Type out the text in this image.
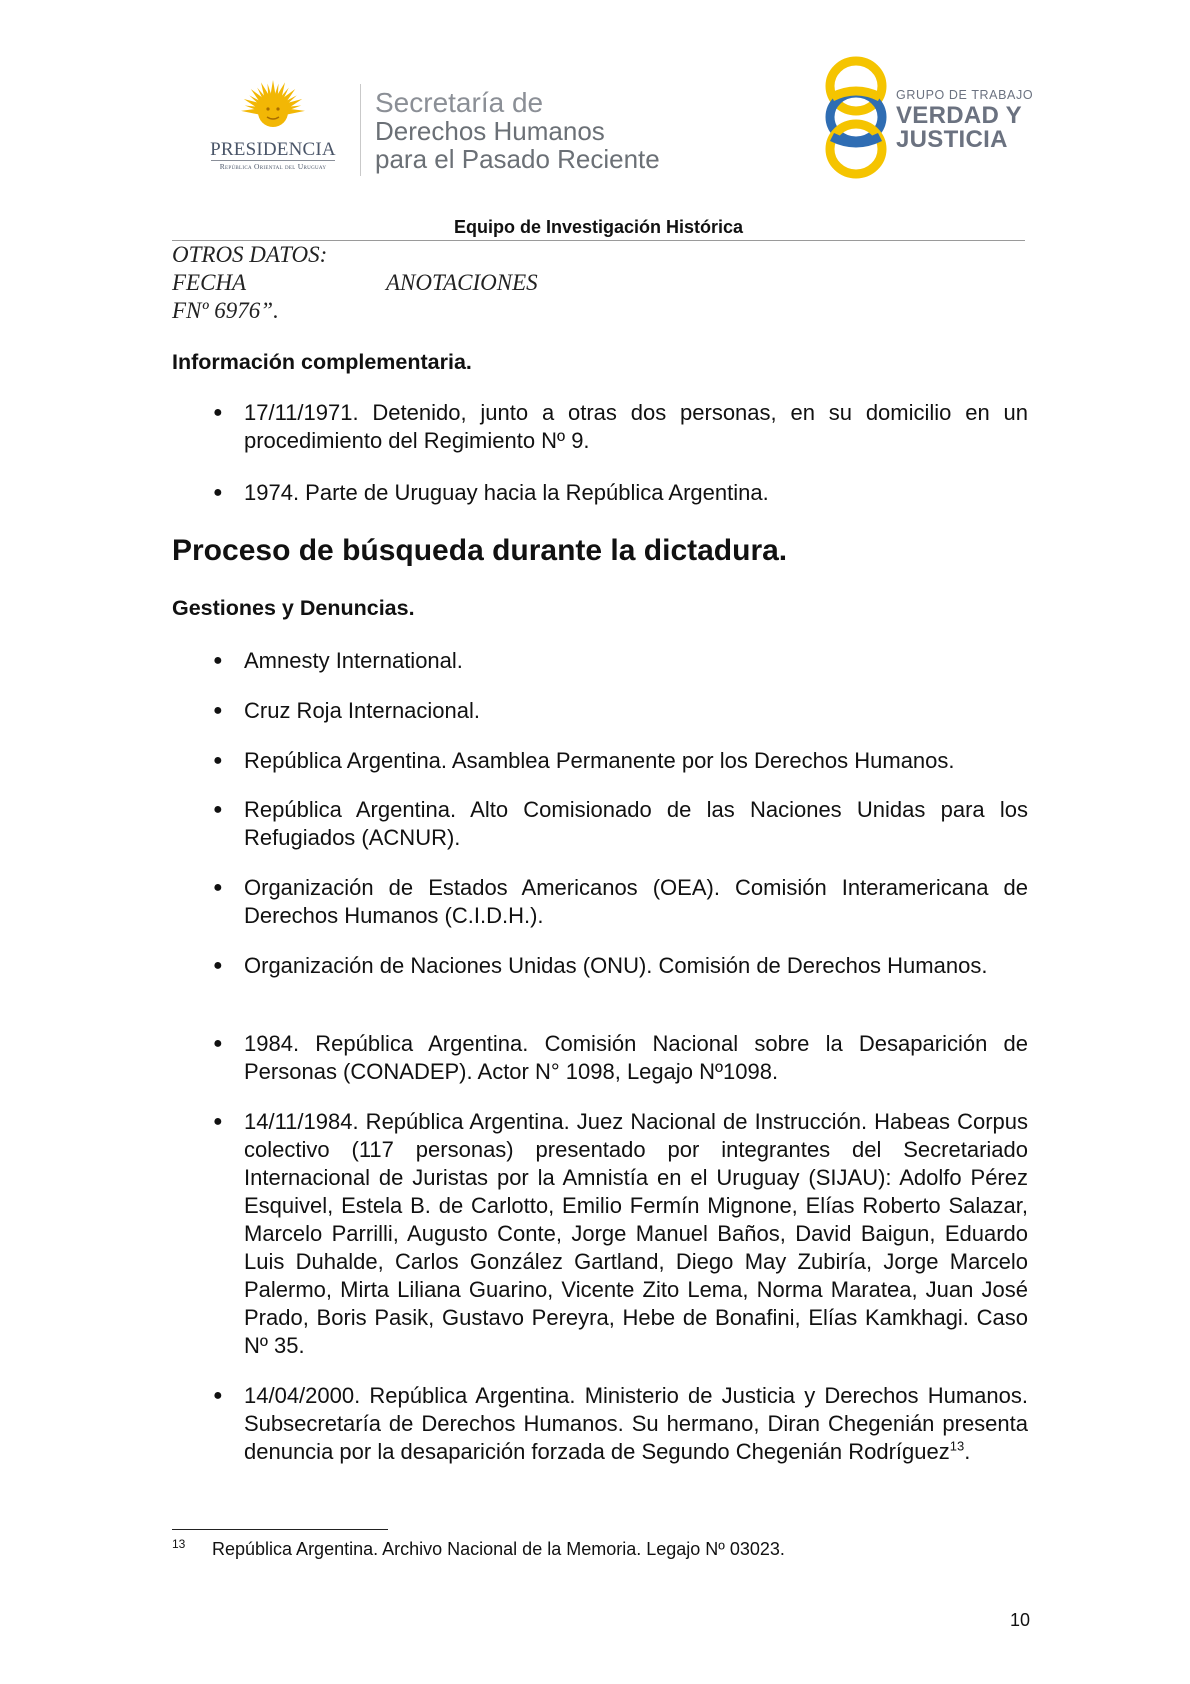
PRESIDENCIA
República Oriental del Uruguay
Secretaría de
Derechos Humanos
para el Pasado Reciente
GRUPO DE TRABAJO
VERDAD Y
JUSTICIA
Equipo de Investigación Histórica
OTROS DATOS:
FECHA	ANOTACIONES
FNº 6976”.
Información complementaria.
● 17/11/1971. Detenido, junto a otras dos personas, en su domicilio en un procedimiento del Regimiento Nº 9.
● 1974. Parte de Uruguay hacia la República Argentina.
Proceso de búsqueda durante la dictadura.
Gestiones y Denuncias.
● Amnesty International.
● Cruz Roja Internacional.
● República Argentina. Asamblea Permanente por los Derechos Humanos.
● República Argentina. Alto Comisionado de las Naciones Unidas para los Refugiados (ACNUR).
● Organización de Estados Americanos (OEA). Comisión Interamericana de Derechos Humanos (C.I.D.H.).
● Organización de Naciones Unidas (ONU). Comisión de Derechos Humanos.
● 1984. República Argentina. Comisión Nacional sobre la Desaparición de Personas (CONADEP). Actor N° 1098, Legajo Nº1098.
● 14/11/1984. República Argentina. Juez Nacional de Instrucción. Habeas Corpus colectivo (117 personas) presentado por integrantes del Secretariado Internacional de Juristas por la Amnistía en el Uruguay (SIJAU): Adolfo Pérez Esquivel, Estela B. de Carlotto, Emilio Fermín Mignone, Elías Roberto Salazar, Marcelo Parrilli, Augusto Conte, Jorge Manuel Baños, David Baigun, Eduardo Luis Duhalde, Carlos González Gartland, Diego May Zubiría, Jorge Marcelo Palermo, Mirta Liliana Guarino, Vicente Zito Lema, Norma Maratea, Juan José Prado, Boris Pasik, Gustavo Pereyra, Hebe de Bonafini, Elías Kamkhagi. Caso Nº 35.
● 14/04/2000. República Argentina. Ministerio de Justicia y Derechos Humanos. Subsecretaría de Derechos Humanos. Su hermano, Diran Chegenián presenta denuncia por la desaparición forzada de Segundo Chegenián Rodríguez$^{13}$.
13 República Argentina. Archivo Nacional de la Memoria. Legajo Nº 03023.
10
